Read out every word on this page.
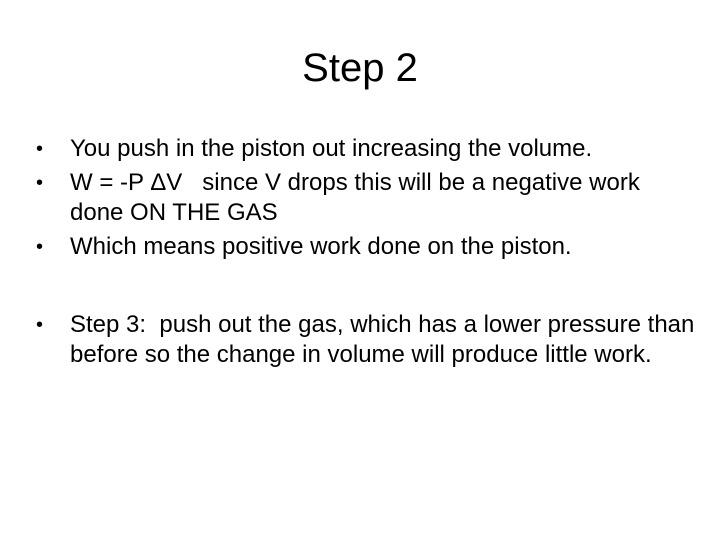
Step 2
•	You push in the piston out increasing the volume.
•	W = -P ΔV   since V drops this will be a negative work done ON THE GAS
•	Which means positive work done on the piston.
•	Step 3:  push out the gas, which has a lower pressure than before so the change in volume will produce little work.
